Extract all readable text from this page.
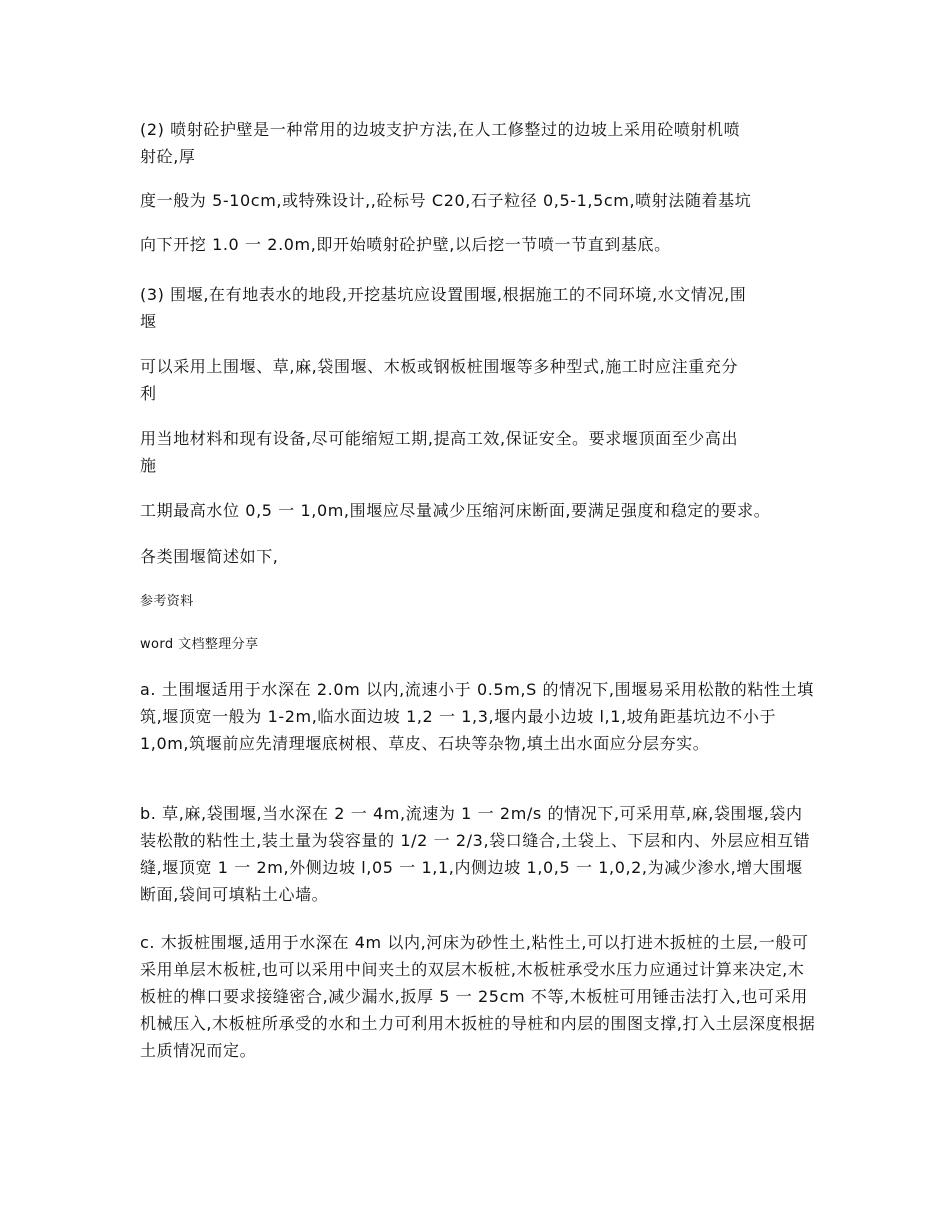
(2) 喷射砼护壁是一种常用的边坡支护方法,在人工修整过的边坡上采用砼喷射机喷

射砼,厚

度一般为 5-10cm,或特殊设计,,砼标号 C20,石子粒径 0,5-1,5cm,喷射法随着基坑

向下开挖 1.0 一 2.0m,即开始喷射砼护壁,以后挖一节喷一节直到基底。

(3) 围堰,在有地表水的地段,开挖基坑应设置围堰,根据施工的不同环境,水文情况,围

堰

可以采用上围堰、草,麻,袋围堰、木板或钢板桩围堰等多种型式,施工时应注重充分

利

用当地材料和现有设备,尽可能缩短工期,提高工效,保证安全。要求堰顶面至少高出

施

工期最高水位 0,5 一 1,0m,围堰应尽量减少压缩河床断面,要满足强度和稳定的要求。

各类围堰简述如下,

参考资料

word 文档整理分享

a. 土围堰适用于水深在 2.0m 以内,流速小于 0.5m,S 的情况下,围堰易采用松散的粘性土填筑,堰顶宽一般为 1-2m,临水面边坡 1,2 一 1,3,堰内最小边坡 l,1,坡角距基坑边不小于 1,0m,筑堰前应先清理堰底树根、草皮、石块等杂物,填土出水面应分层夯实。

b. 草,麻,袋围堰,当水深在 2 一 4m,流速为 1 一 2m/s 的情况下,可采用草,麻,袋围堰,袋内装松散的粘性土,装土量为袋容量的 1/2 一 2/3,袋口缝合,土袋上、下层和内、外层应相互错缝,堰顶宽 1 一 2m,外侧边坡 l,05 一 1,1,内侧边坡 1,0,5 一 1,0,2,为减少渗水,增大围堰断面,袋间可填粘土心墙。

c. 木扳桩围堰,适用于水深在 4m 以内,河床为砂性土,粘性土,可以打进木扳桩的土层,一般可采用单层木板桩,也可以采用中间夹土的双层木板桩,木板桩承受水压力应通过计算来决定,木板桩的榫口要求接缝密合,减少漏水,扳厚 5 一 25cm 不等,木板桩可用锤击法打入,也可采用机械压入,木板桩所承受的水和土力可利用木扳桩的导桩和内层的围图支撑,打入土层深度根据土质情况而定。
